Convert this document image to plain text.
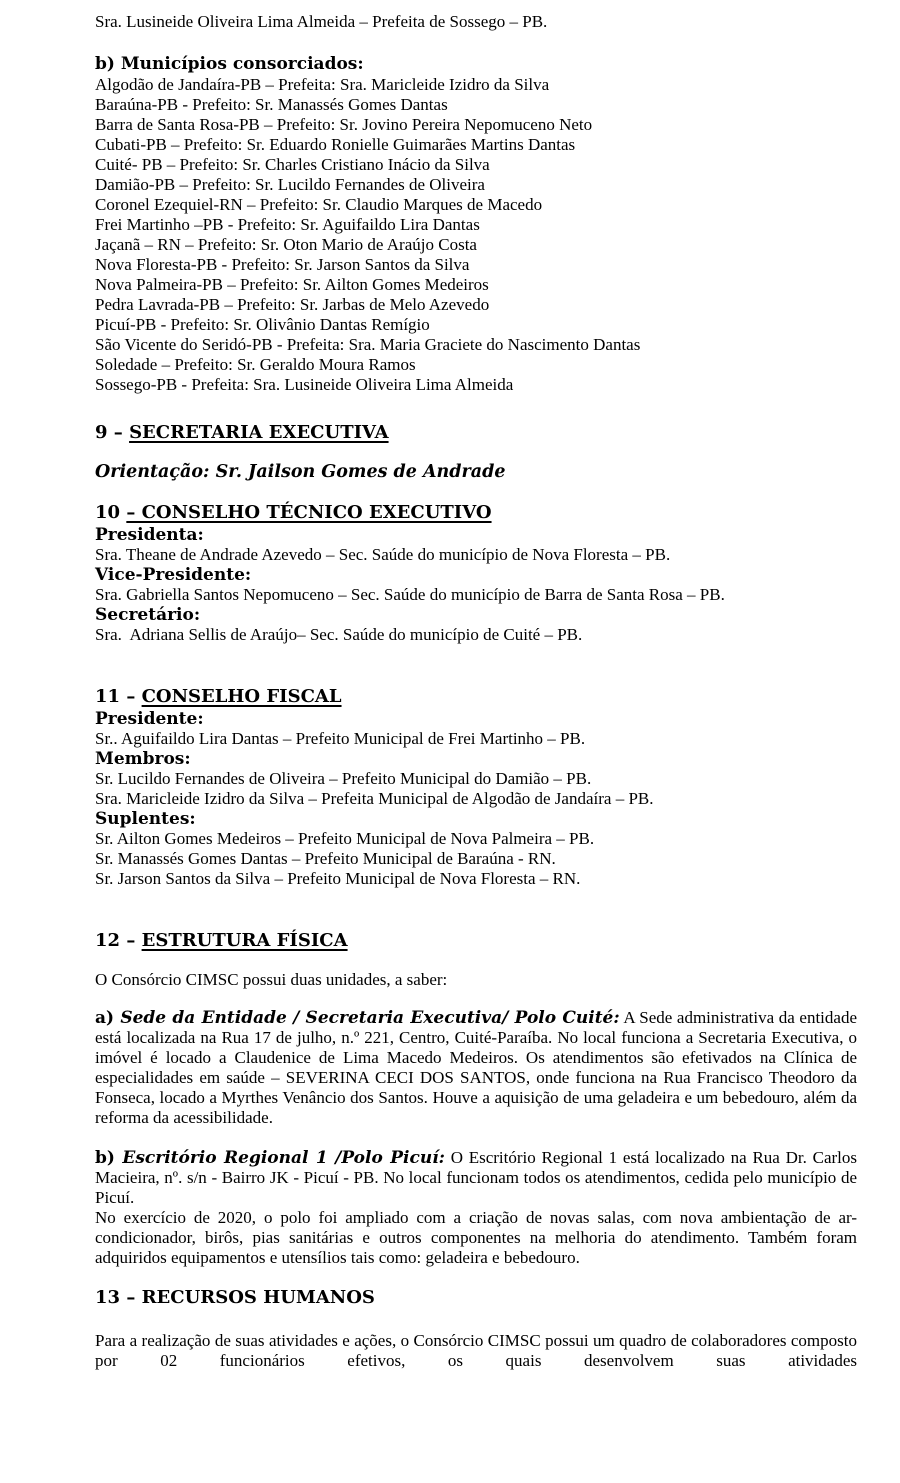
Sra. Lusineide Oliveira Lima Almeida – Prefeita de Sossego – PB.
b) Municípios consorciados:
Algodão de Jandaíra-PB – Prefeita: Sra. Maricleide Izidro da Silva
Baraúna-PB - Prefeito: Sr. Manassés Gomes Dantas
Barra de Santa Rosa-PB – Prefeito: Sr. Jovino Pereira Nepomuceno Neto
Cubati-PB – Prefeito: Sr. Eduardo Ronielle Guimarães Martins Dantas
Cuité- PB – Prefeito: Sr. Charles Cristiano Inácio da Silva
Damião-PB – Prefeito: Sr. Lucildo Fernandes de Oliveira
Coronel Ezequiel-RN – Prefeito: Sr. Claudio Marques de Macedo
Frei Martinho –PB - Prefeito: Sr. Aguifaildo Lira Dantas
Jaçanã – RN – Prefeito: Sr. Oton Mario de Araújo Costa
Nova Floresta-PB - Prefeito: Sr. Jarson Santos da Silva
Nova Palmeira-PB – Prefeito: Sr. Ailton Gomes Medeiros
Pedra Lavrada-PB – Prefeito: Sr. Jarbas de Melo Azevedo
Picuí-PB - Prefeito: Sr. Olivânio Dantas Remígio
São Vicente do Seridó-PB - Prefeita: Sra. Maria Graciete do Nascimento Dantas
Soledade – Prefeito: Sr. Geraldo Moura Ramos
Sossego-PB - Prefeita: Sra. Lusineide Oliveira Lima Almeida
9 – SECRETARIA EXECUTIVA
Orientação: Sr. Jailson Gomes de Andrade
10 – CONSELHO TÉCNICO EXECUTIVO
Presidenta:
Sra. Theane de Andrade Azevedo – Sec. Saúde do município de Nova Floresta – PB.
Vice-Presidente:
Sra. Gabriella Santos Nepomuceno – Sec. Saúde do município de Barra de Santa Rosa – PB.
Secretário:
Sra.  Adriana Sellis de Araújo– Sec. Saúde do município de Cuité – PB.
11 – CONSELHO FISCAL
Presidente:
Sr.. Aguifaildo Lira Dantas – Prefeito Municipal de Frei Martinho – PB.
Membros:
Sr. Lucildo Fernandes de Oliveira – Prefeito Municipal do Damião – PB.
Sra. Maricleide Izidro da Silva – Prefeita Municipal de Algodão de Jandaíra – PB.
Suplentes:
Sr. Ailton Gomes Medeiros – Prefeito Municipal de Nova Palmeira – PB.
Sr. Manassés Gomes Dantas – Prefeito Municipal de Baraúna - RN.
Sr. Jarson Santos da Silva – Prefeito Municipal de Nova Floresta – RN.
12 – ESTRUTURA FÍSICA
O Consórcio CIMSC possui duas unidades, a saber:

a) Sede da Entidade / Secretaria Executiva/ Polo Cuité: A Sede administrativa da entidade está localizada na Rua 17 de julho, n.º 221, Centro, Cuité-Paraíba. No local funciona a Secretaria Executiva, o imóvel é locado a Claudenice de Lima Macedo Medeiros. Os atendimentos são efetivados na Clínica de especialidades em saúde – SEVERINA CECI DOS SANTOS, onde funciona na Rua Francisco Theodoro da Fonseca, locado a Myrthes Venâncio dos Santos. Houve a aquisição de uma geladeira e um bebedouro, além da reforma da acessibilidade.

b) Escritório Regional 1 /Polo Picuí: O Escritório Regional 1 está localizado na Rua Dr. Carlos Macieira, nº. s/n - Bairro JK - Picuí - PB. No local funcionam todos os atendimentos, cedida pelo município de Picuí.

No exercício de 2020, o polo foi ampliado com a criação de novas salas, com nova ambientação de ar-condicionador, birôs, pias sanitárias e outros componentes na melhoria do atendimento. Também foram adquiridos equipamentos e utensílios tais como: geladeira e bebedouro.

13 – RECURSOS HUMANOS

Para a realização de suas atividades e ações, o Consórcio CIMSC possui um quadro de colaboradores composto por 02 funcionários efetivos, os quais desenvolvem suas atividades
